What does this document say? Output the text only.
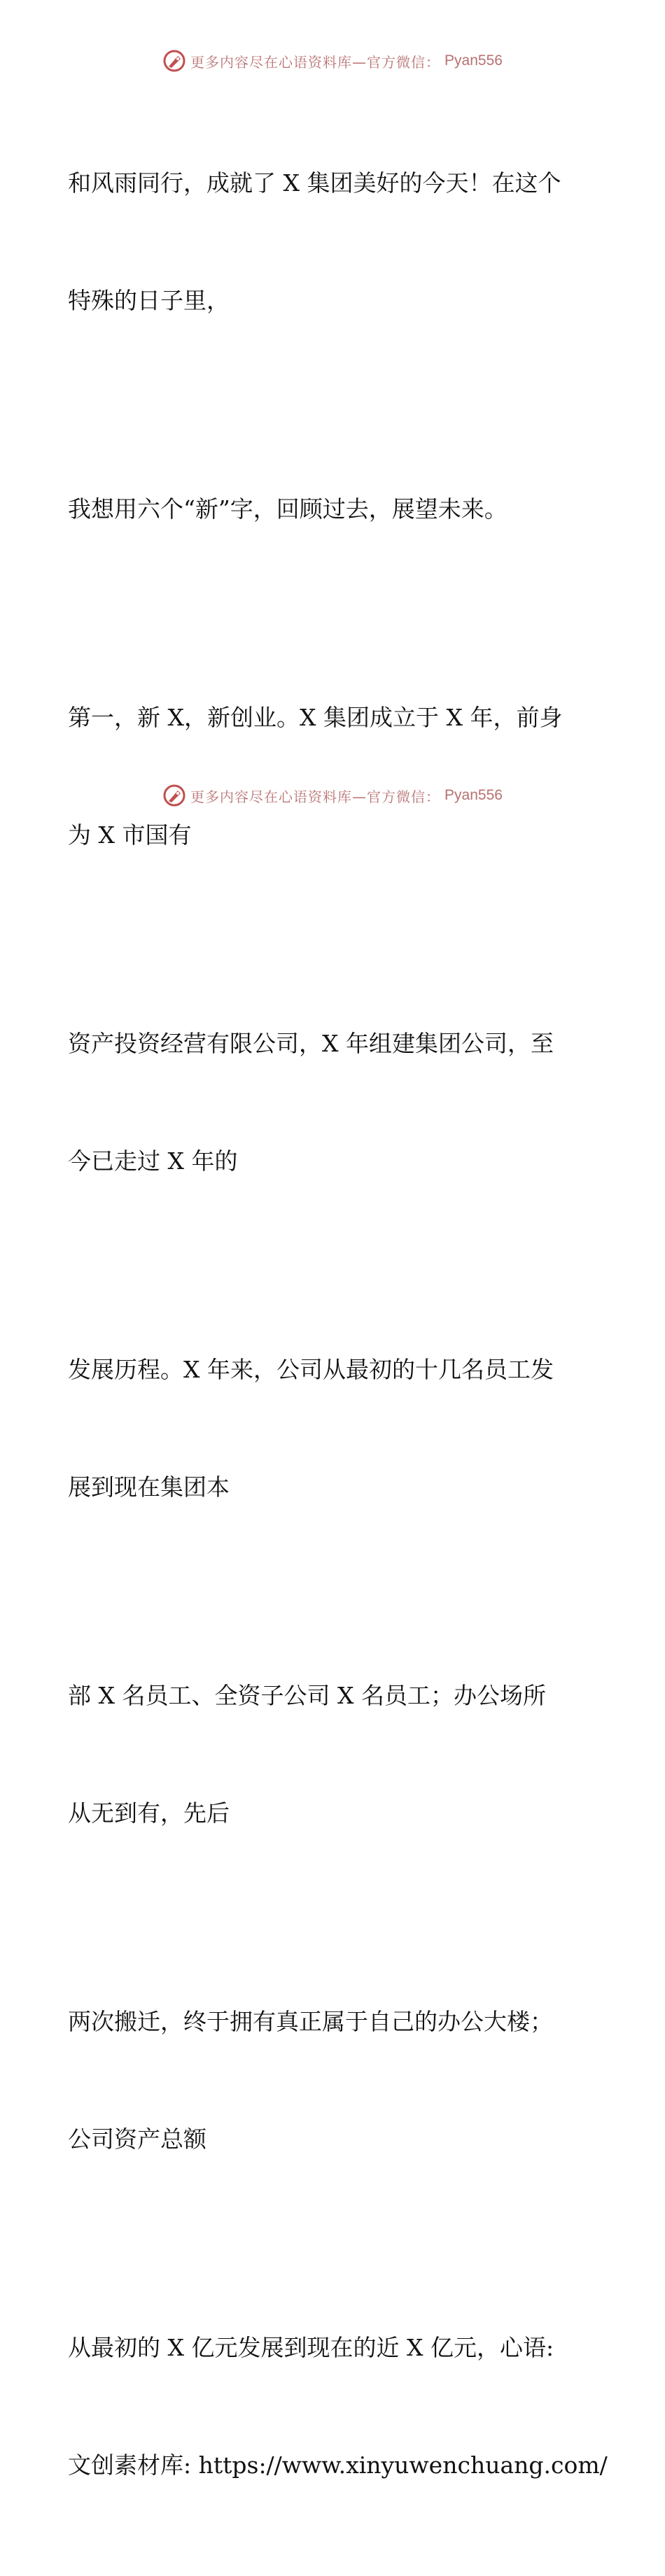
更多内容尽在心语资料库—官方微信： Pyan556

和风雨同行，成就了 X 集团美好的今天！在这个

特殊的日子里，

我想用六个“新”字，回顾过去，展望未来。

第一，新 X，新创业。X 集团成立于 X 年，前身

为 X 市国有

资产投资经营有限公司，X 年组建集团公司，至

今已走过 X 年的

发展历程。X 年来，公司从最初的十几名员工发

展到现在集团本

部 X 名员工、全资子公司 X 名员工；办公场所

从无到有，先后

两次搬迁，终于拥有真正属于自己的办公大楼；

公司资产总额

从最初的 X 亿元发展到现在的近 X 亿元，心语:

文创素材库: https://www.xinyuwenchuang.com/

更多内容尽在心语资料库—官方微信： Pyan556
